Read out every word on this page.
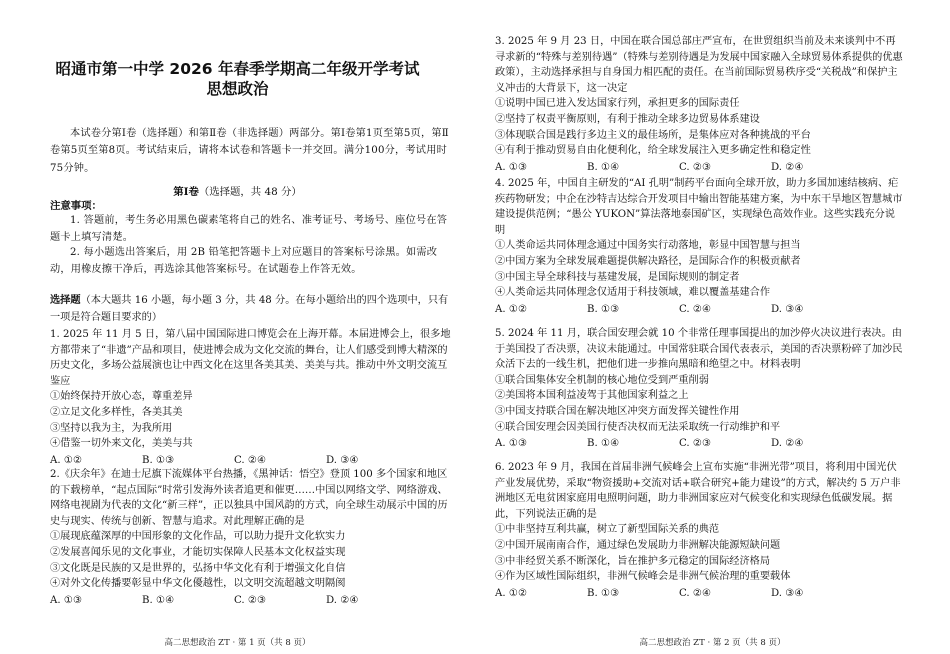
昭通市第一中学 2026 年春季学期高二年级开学考试
思想政治
本试卷分第Ⅰ卷（选择题）和第Ⅱ卷（非选择题）两部分。第Ⅰ卷第1页至第5页，第Ⅱ卷第5页至第8页。考试结束后，请将本试卷和答题卡一并交回。满分100分，考试用时75分钟。
第Ⅰ卷（选择题，共 48 分）
注意事项：
1. 答题前，考生务必用黑色碳素笔将自己的姓名、准考证号、考场号、座位号在答题卡上填写清楚。
2. 每小题选出答案后，用 2B 铅笔把答题卡上对应题目的答案标号涂黑。如需改动，用橡皮擦干净后，再选涂其他答案标号。在试题卷上作答无效。
选择题（本大题共 16 小题，每小题 3 分，共 48 分。在每小题给出的四个选项中，只有一项是符合题目要求的）
1. 2025 年 11 月 5 日，第八届中国国际进口博览会在上海开幕。本届进博会上，很多地方都带来了“非遗”产品和项目，使进博会成为文化交流的舞台，让人们感受到博大精深的历史文化，多场公益展演也让中西文化在这里各美其美、美美与共。推动中外文明交流互鉴应
①始终保持开放心态，尊重差异
②立足文化多样性，各美其美
③坚持以我为主，为我所用
④借鉴一切外来文化，美美与共
A. ①②	B. ①③	C. ②④	D. ③④
2.《庆余年》在迪士尼旗下流媒体平台热播，《黑神话：悟空》登顶 100 多个国家和地区的下载榜单，“起点国际”时常引发海外读者追更和催更……中国以网络文学、网络游戏、网络电视剧为代表的文化“新三样”，正以独具中国风韵的方式，向全球生动展示中国的历史与现实、传统与创新、智慧与追求。对此理解正确的是
①展现底蕴深厚的中国形象的文化作品，可以助力提升文化软实力
②发展喜闻乐见的文化事业，才能切实保障人民基本文化权益实现
③文化既是民族的又是世界的，弘扬中华文化有利于增强文化自信
④对外文化传播要彰显中华文化優越性，以文明交流超越文明隔阂
A. ①③	B. ①④	C. ②③	D. ②④
高二思想政治 ZT · 第 1 页（共 8 页）
3. 2025 年 9 月 23 日，中国在联合国总部庄严宣布，在世贸组织当前及未来谈判中不再寻求新的“特殊与差别待遇”（特殊与差别待遇是为发展中国家融入全球贸易体系提供的优惠政策），主动选择承担与自身国力相匹配的责任。在当前国际贸易秩序受“关税战”和保护主义冲击的大背景下，这一决定
①说明中国已进入发达国家行列，承担更多的国际责任
②坚持了权责平衡原则，有利于推动全球多边贸易体系建设
③体现联合国是践行多边主义的最佳场所，是集体应对各种挑战的平台
④有利于推动贸易自由化便利化，给全球发展注入更多确定性和稳定性
A. ①③	B. ①④	C. ②③	D. ②④
4. 2025 年，中国自主研发的“AI 孔明”制药平台面向全球开放，助力多国加速结核病、疟疾药物研发；中企在沙特吉达综合开发项目中输出智能基建方案，为中东干旱地区智慧城市建设提供范例；“愚公 YUKON”算法落地泰国矿区，实现绿色高效作业。这些实践充分说明
①人类命运共同体理念通过中国务实行动落地，彰显中国智慧与担当
②中国方案为全球发展难题提供解决路径，是国际合作的积极贡献者
③中国主导全球科技与基建发展，是国际规则的制定者
④人类命运共同体理念仅适用于科技领域，难以覆盖基建合作
A. ①②	B. ①③	C. ②④	D. ③④
5. 2024 年 11 月，联合国安理会就 10 个非常任理事国提出的加沙停火决议进行表决。由于美国投了否决票，决议未能通过。中国常驻联合国代表表示，美国的否决票粉碎了加沙民众活下去的一线生机，把他们进一步推向黑暗和绝望之中。材料表明
①联合国集体安全机制的核心地位受到严重削弱
②美国将本国利益凌驾于其他国家利益之上
③中国支持联合国在解决地区冲突方面发挥关键性作用
④联合国安理会因美国行使否决权而无法采取统一行动维护和平
A. ①③	B. ①④	C. ②③	D. ②④
6. 2023 年 9 月，我国在首届非洲气候峰会上宣布实施“非洲光带”项目，将利用中国光伏产业发展优势，采取“物资援助+交流对话+联合研究+能力建设”的方式，解决约 5 万户非洲地区无电贫困家庭用电照明问题，助力非洲国家应对气候变化和实现绿色低碳发展。据此，下列说法正确的是
①中非坚持互利共赢，树立了新型国际关系的典范
②中国开展南南合作，通过绿色发展助力非洲解决能源短缺问题
③中非经贸关系不断深化，旨在推护多元稳定的国际经济格局
④作为区域性国际组织，非洲气候峰会是非洲气候治理的重要载体
A. ①②	B. ①③	C. ②④	D. ③④
高二思想政治 ZT · 第 2 页（共 8 页）
